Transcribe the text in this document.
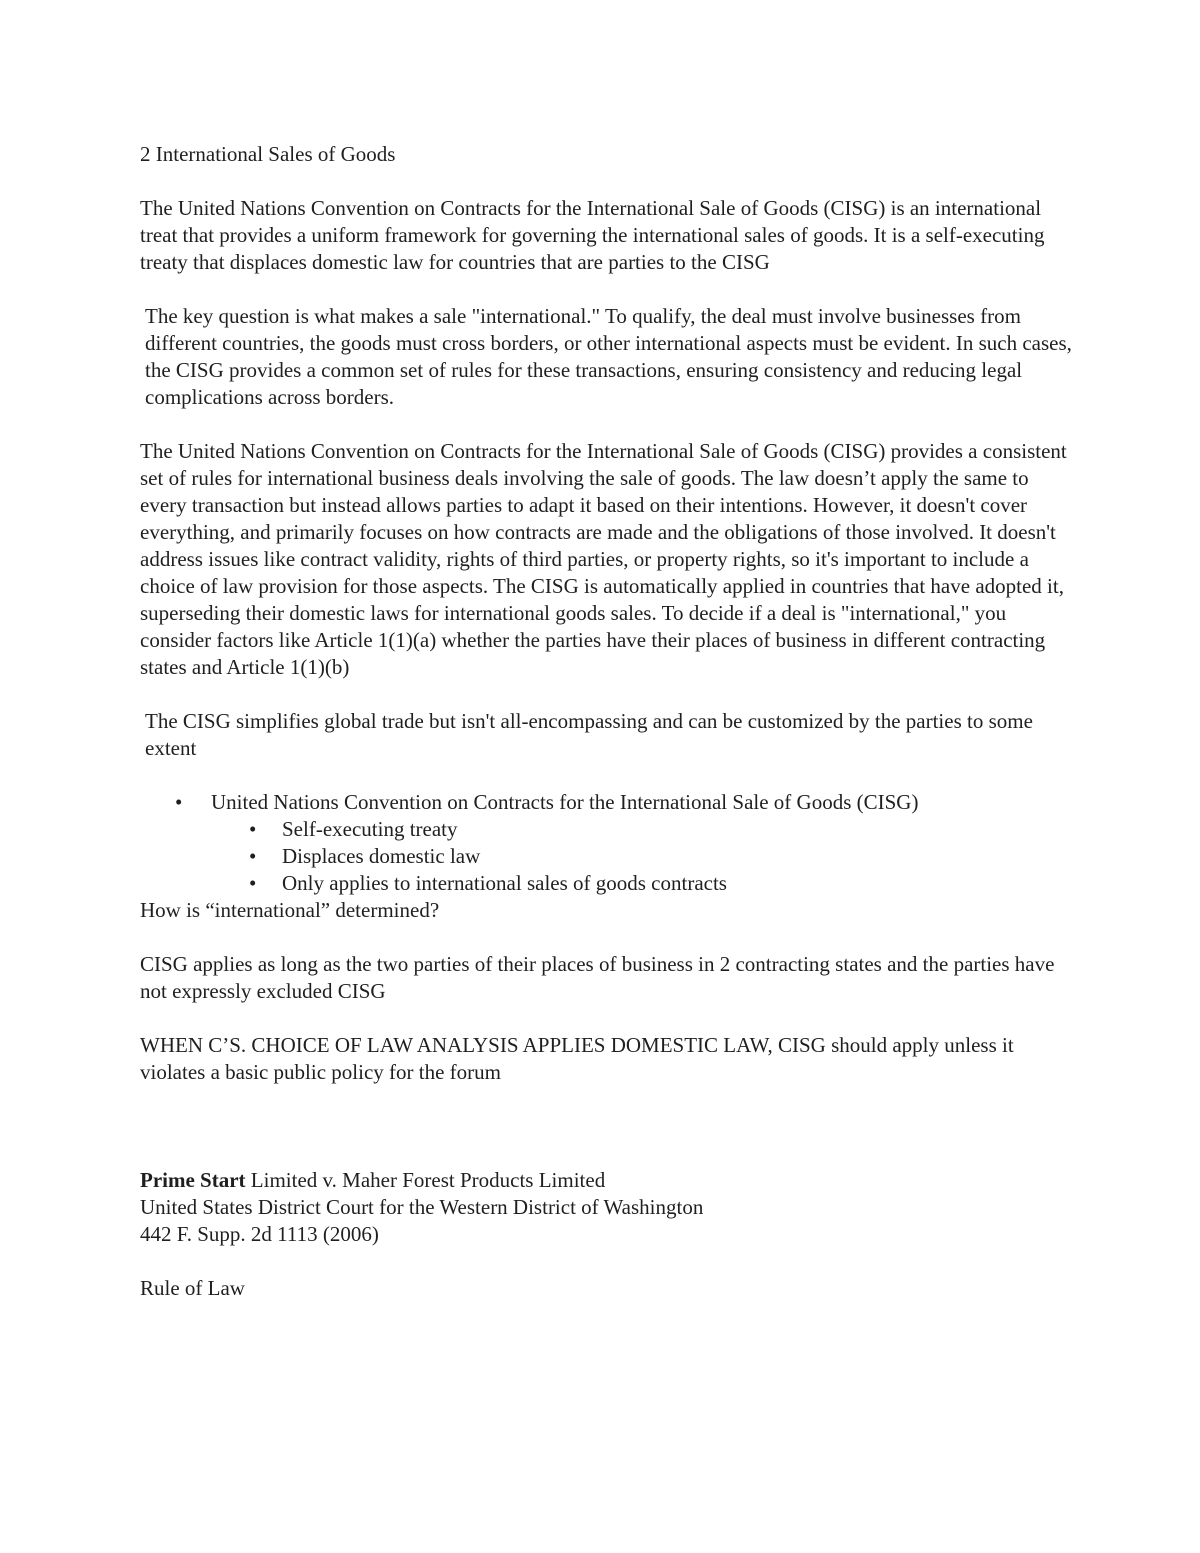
2 International Sales of Goods

The United Nations Convention on Contracts for the International Sale of Goods (CISG) is an international treat that provides a uniform framework for governing the international sales of goods. It is a self-executing treaty that displaces domestic law for countries that are parties to the CISG

The key question is what makes a sale "international." To qualify, the deal must involve businesses from different countries, the goods must cross borders, or other international aspects must be evident. In such cases, the CISG provides a common set of rules for these transactions, ensuring consistency and reducing legal complications across borders.

The United Nations Convention on Contracts for the International Sale of Goods (CISG) provides a consistent set of rules for international business deals involving the sale of goods. The law doesn’t apply the same to every transaction but instead allows parties to adapt it based on their intentions. However, it doesn't cover everything, and primarily focuses on how contracts are made and the obligations of those involved. It doesn't address issues like contract validity, rights of third parties, or property rights, so it's important to include a choice of law provision for those aspects. The CISG is automatically applied in countries that have adopted it, superseding their domestic laws for international goods sales. To decide if a deal is "international," you consider factors like Article 1(1)(a) whether the parties have their places of business in different contracting states and Article 1(1)(b)

The CISG simplifies global trade but isn't all-encompassing and can be customized by the parties to some extent

•	United Nations Convention on Contracts for the International Sale of Goods (CISG)
•	Self-executing treaty
•	Displaces domestic law
•	Only applies to international sales of goods contracts

How is “international” determined?

CISG applies as long as the two parties of their places of business in 2 contracting states and the parties have not expressly excluded CISG

WHEN C’S. CHOICE OF LAW ANALYSIS APPLIES DOMESTIC LAW, CISG should apply unless it violates a basic public policy for the forum

Prime Start Limited v. Maher Forest Products Limited

United States District Court for the Western District of Washington

442 F. Supp. 2d 1113 (2006)

Rule of Law
